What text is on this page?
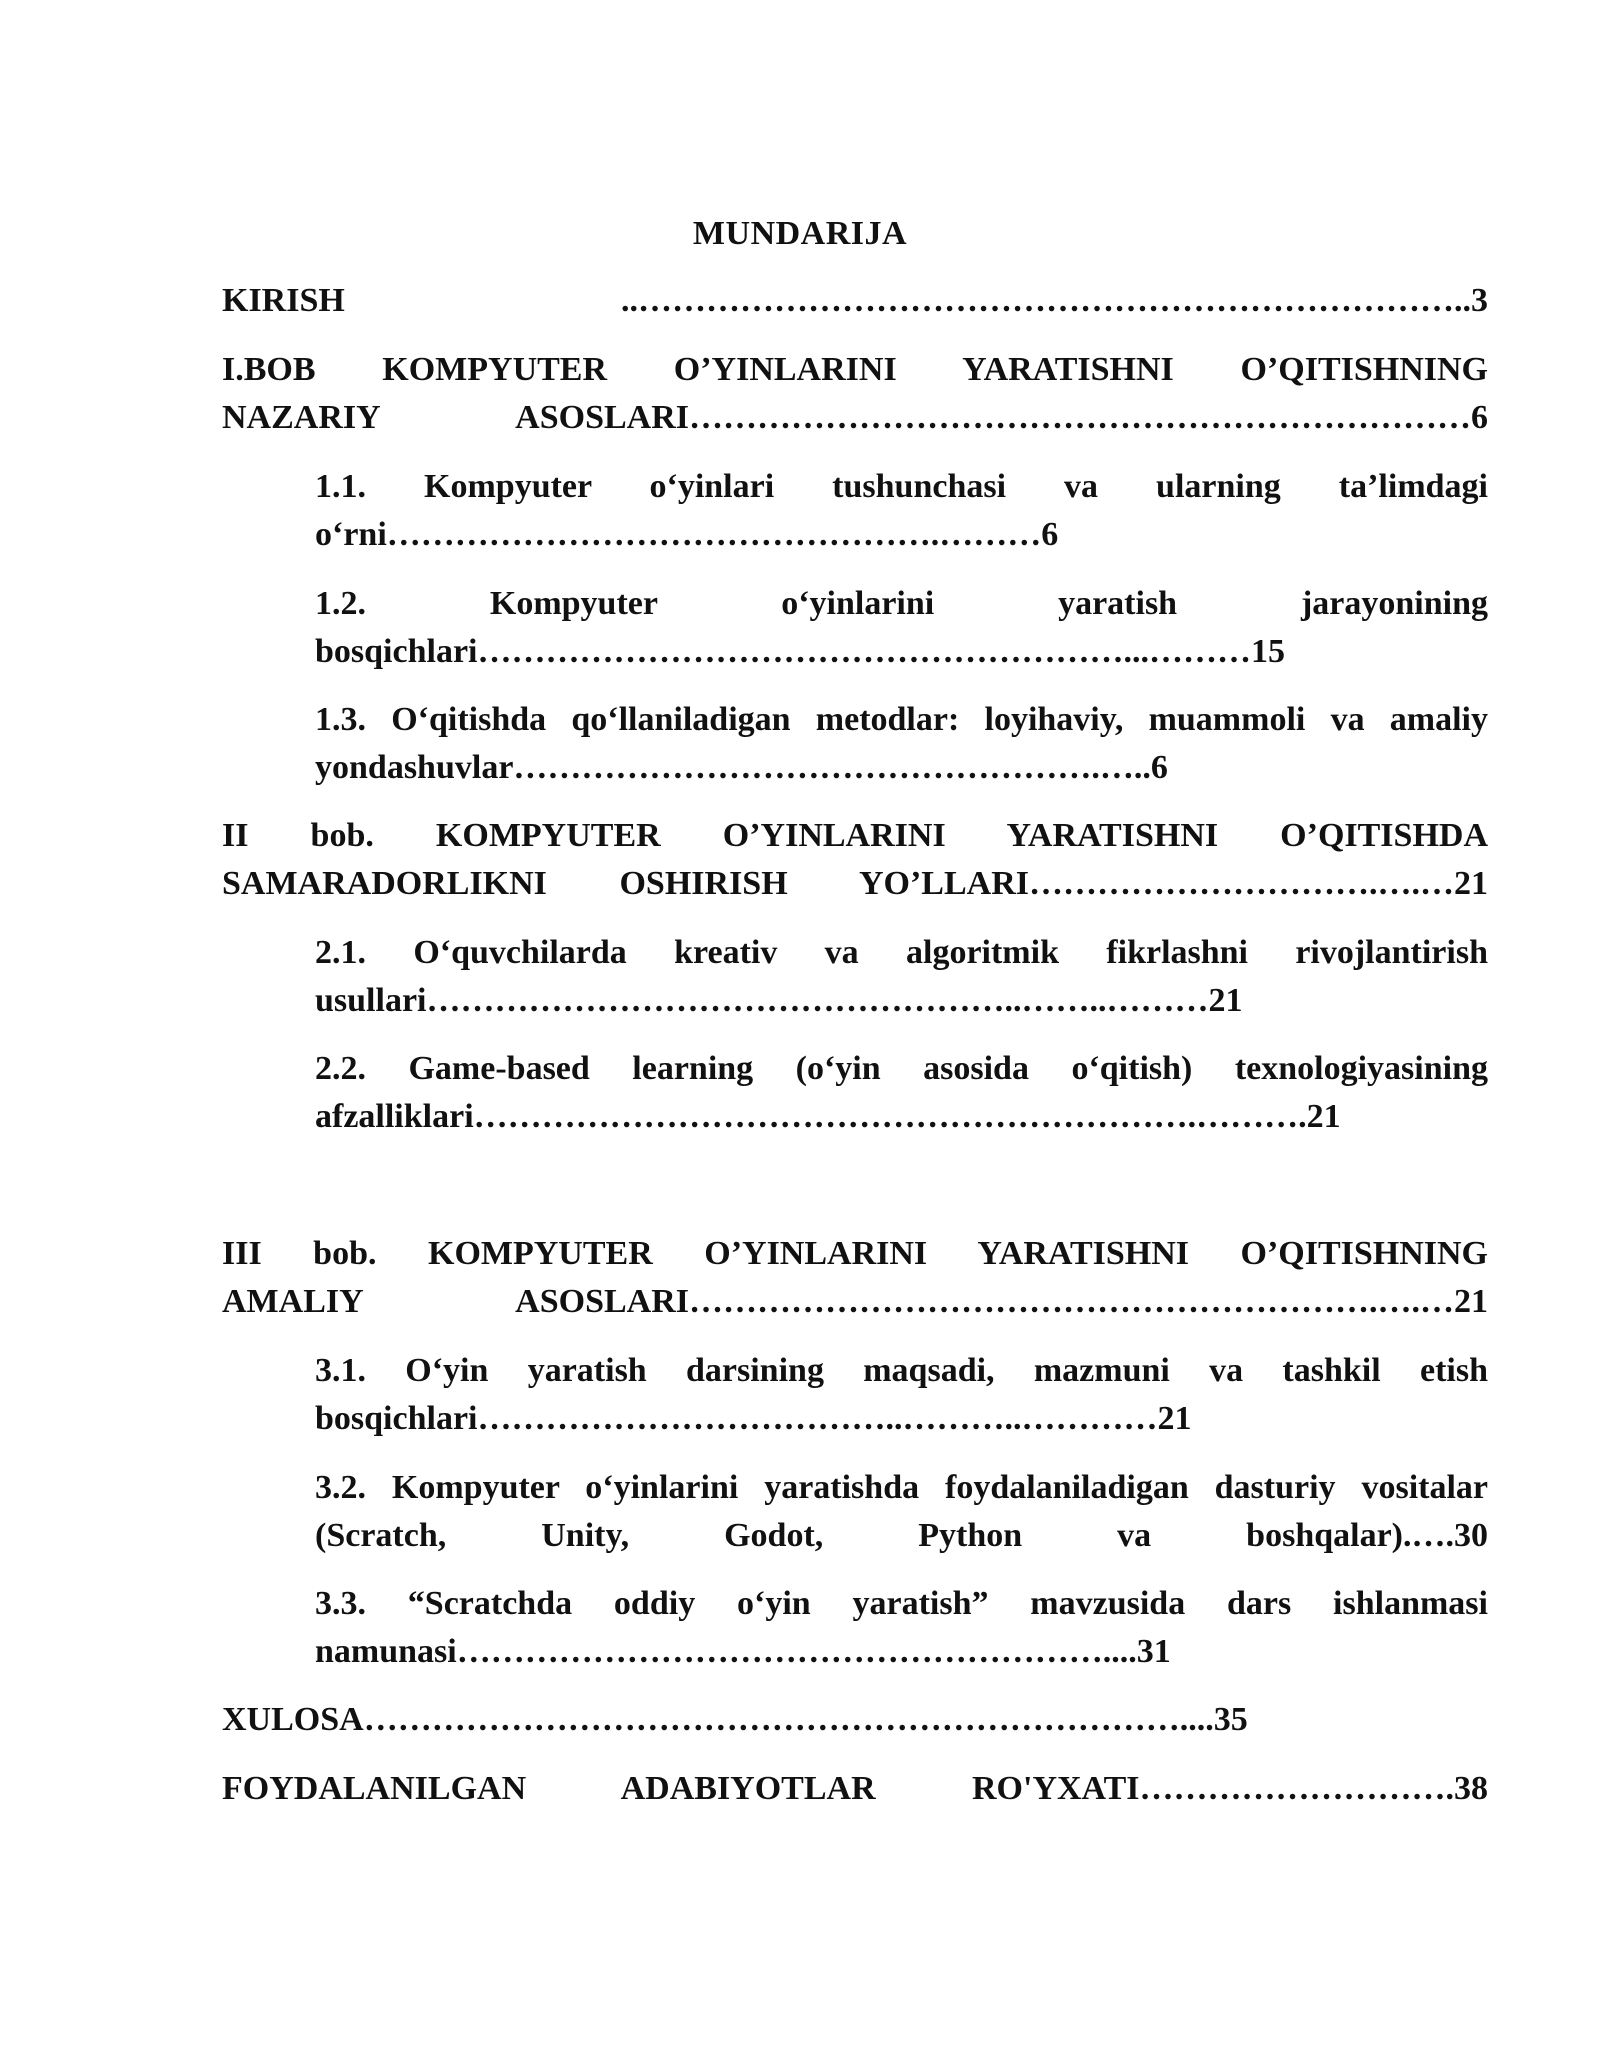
MUNDARIJA
KIRISH ..………………………………………………………………..3
I.BOB KOMPYUTER O’YINLARINI YARATISHNI O’QITISHNING
NAZARIY ASOSLARI……………………………………………………………6
1.1. Kompyuter o‘yinlari tushunchasi va ularning ta’limdagi
o‘rni………………………………………….………6
1.2. Kompyuter o‘yinlarini yaratish jarayonining
bosqichlari…………………………………………………...………15
1.3. O‘qitishda qo‘llaniladigan metodlar: loyihaviy, muammoli va amaliy
yondashuvlar…………………………………………….…..6
II bob. KOMPYUTER O’YINLARINI YARATISHNI O’QITISHDA
SAMARADORLIKNI OSHIRISH YO’LLARI………………………….….…21
2.1. O‘quvchilarda kreativ va algoritmik fikrlashni rivojlantirish
usullari……………………………………………..……..………21
2.2. Game-based learning (o‘yin asosida o‘qitish) texnologiyasining
afzalliklari……………………………………………………….……….21
III bob. KOMPYUTER O’YINLARINI YARATISHNI O’QITISHNING
AMALIY ASOSLARI…………………………………………………….….…21
3.1. O‘yin yaratish darsining maqsadi, mazmuni va tashkil etish
bosqichlari………………………………..………..…………21
3.2. Kompyuter o‘yinlarini yaratishda foydalaniladigan dasturiy vositalar
(Scratch, Unity, Godot, Python va boshqalar).….30
3.3. “Scratchda oddiy o‘yin yaratish” mavzusida dars ishlanmasi
namunasi…………………………………………………....31
XULOSA………………………………………………………………....35
FOYDALANILGAN ADABIYOTLAR RO'YXATI……………………….38
